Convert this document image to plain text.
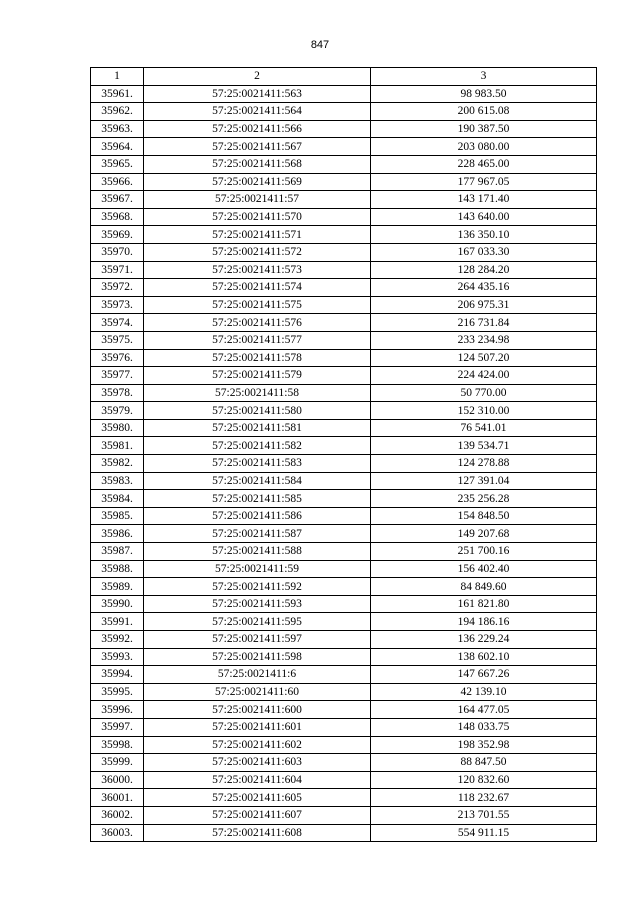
847
1	2	3
35961.	57:25:0021411:563	98 983.50
35962.	57:25:0021411:564	200 615.08
35963.	57:25:0021411:566	190 387.50
35964.	57:25:0021411:567	203 080.00
35965.	57:25:0021411:568	228 465.00
35966.	57:25:0021411:569	177 967.05
35967.	57:25:0021411:57	143 171.40
35968.	57:25:0021411:570	143 640.00
35969.	57:25:0021411:571	136 350.10
35970.	57:25:0021411:572	167 033.30
35971.	57:25:0021411:573	128 284.20
35972.	57:25:0021411:574	264 435.16
35973.	57:25:0021411:575	206 975.31
35974.	57:25:0021411:576	216 731.84
35975.	57:25:0021411:577	233 234.98
35976.	57:25:0021411:578	124 507.20
35977.	57:25:0021411:579	224 424.00
35978.	57:25:0021411:58	50 770.00
35979.	57:25:0021411:580	152 310.00
35980.	57:25:0021411:581	76 541.01
35981.	57:25:0021411:582	139 534.71
35982.	57:25:0021411:583	124 278.88
35983.	57:25:0021411:584	127 391.04
35984.	57:25:0021411:585	235 256.28
35985.	57:25:0021411:586	154 848.50
35986.	57:25:0021411:587	149 207.68
35987.	57:25:0021411:588	251 700.16
35988.	57:25:0021411:59	156 402.40
35989.	57:25:0021411:592	84 849.60
35990.	57:25:0021411:593	161 821.80
35991.	57:25:0021411:595	194 186.16
35992.	57:25:0021411:597	136 229.24
35993.	57:25:0021411:598	138 602.10
35994.	57:25:0021411:6	147 667.26
35995.	57:25:0021411:60	42 139.10
35996.	57:25:0021411:600	164 477.05
35997.	57:25:0021411:601	148 033.75
35998.	57:25:0021411:602	198 352.98
35999.	57:25:0021411:603	88 847.50
36000.	57:25:0021411:604	120 832.60
36001.	57:25:0021411:605	118 232.67
36002.	57:25:0021411:607	213 701.55
36003.	57:25:0021411:608	554 911.15
